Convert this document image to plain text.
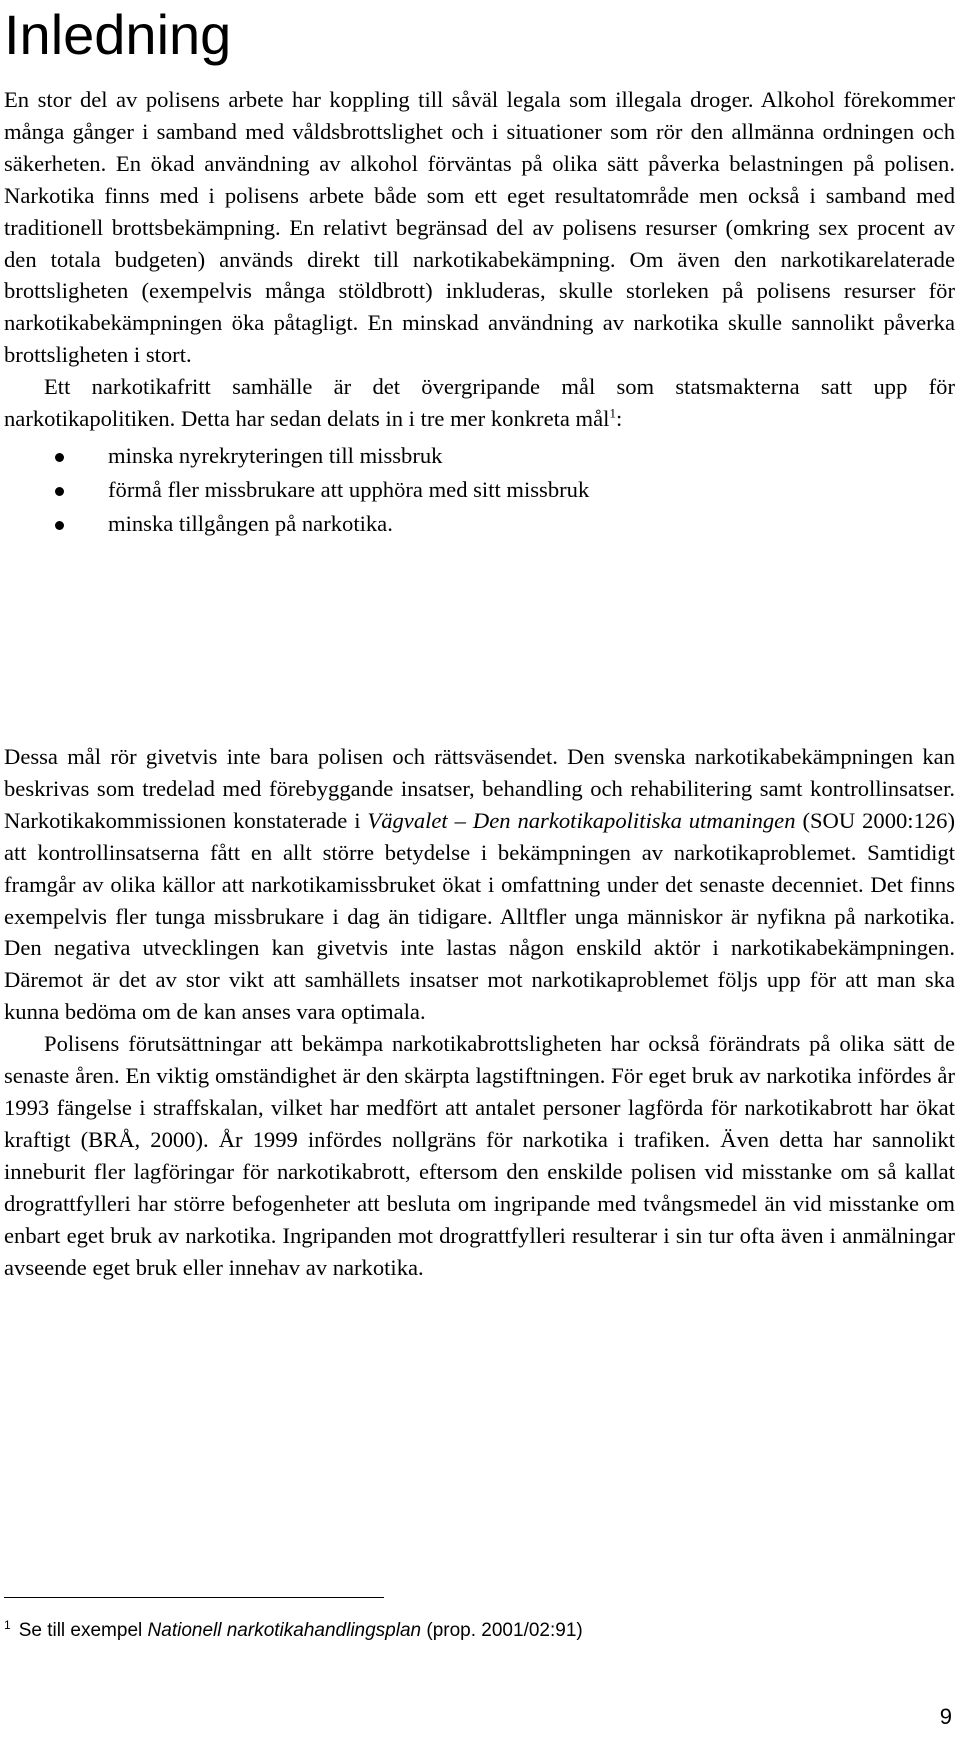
Inledning

En stor del av polisens arbete har koppling till såväl legala som illegala droger. Alkohol förekommer många gånger i samband med våldsbrottslighet och i situationer som rör den allmänna ordningen och säkerheten. En ökad användning av alkohol förväntas på olika sätt påverka belastningen på polisen. Narkotika finns med i polisens arbete både som ett eget resultatområde men också i samband med traditionell brottsbekämpning. En relativt begränsad del av polisens resurser (omkring sex procent av den totala budgeten) används direkt till narkotikabekämpning. Om även den narkotikarelaterade brottsligheten (exempelvis många stöldbrott) inkluderas, skulle storleken på polisens resurser för narkotikabekämpningen öka påtagligt. En minskad användning av narkotika skulle sannolikt påverka brottsligheten i stort.

Ett narkotikafritt samhälle är det övergripande mål som statsmakterna satt upp för narkotikapolitiken. Detta har sedan delats in i tre mer konkreta mål$^1$:

minska nyrekryteringen till missbruk
förmå fler missbrukare att upphöra med sitt missbruk
minska tillgången på narkotika.

Dessa mål rör givetvis inte bara polisen och rättsväsendet. Den svenska narkotikabekämpningen kan beskrivas som tredelad med förebyggande insatser, behandling och rehabilitering samt kontrollinsatser. Narkotikakommissionen konstaterade i Vägvalet – Den narkotikapolitiska utmaningen (SOU 2000:126) att kontrollinsatserna fått en allt större betydelse i bekämpningen av narkotikaproblemet. Samtidigt framgår av olika källor att narkotikamissbruket ökat i omfattning under det senaste decenniet. Det finns exempelvis fler tunga missbrukare i dag än tidigare. Alltfler unga människor är nyfikna på narkotika. Den negativa utvecklingen kan givetvis inte lastas någon enskild aktör i narkotikabekämpningen. Däremot är det av stor vikt att samhällets insatser mot narkotikaproblemet följs upp för att man ska kunna bedöma om de kan anses vara optimala.

Polisens förutsättningar att bekämpa narkotikabrottsligheten har också förändrats på olika sätt de senaste åren. En viktig omständighet är den skärpta lagstiftningen. För eget bruk av narkotika infördes år 1993 fängelse i straffskalan, vilket har medfört att antalet personer lagförda för narkotikabrott har ökat kraftigt (BRÅ, 2000). År 1999 infördes nollgräns för narkotika i trafiken. Även detta har sannolikt inneburit fler lagföringar för narkotikabrott, eftersom den enskilde polisen vid misstanke om så kallat drograttfylleri har större befogenheter att besluta om ingripande med tvångsmedel än vid misstanke om enbart eget bruk av narkotika. Ingripanden mot drograttfylleri resulterar i sin tur ofta även i anmälningar avseende eget bruk eller innehav av narkotika.

$^1$ Se till exempel Nationell narkotikahandlingsplan (prop. 2001/02:91)
9
